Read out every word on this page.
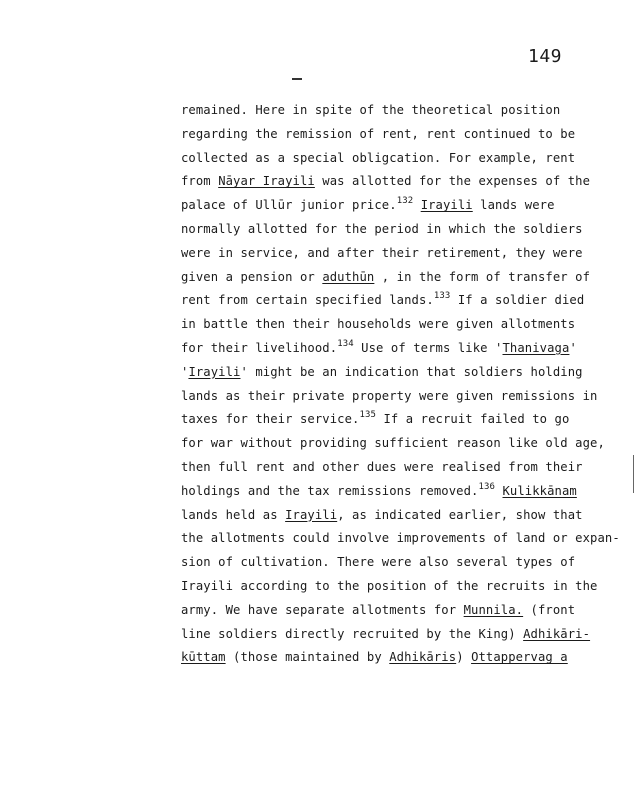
149
remained. Here in spite of the theoretical position
regarding the remission of rent, rent continued to be
collected as a special obligcation. For example, rent
from Nāyar Irayili was allotted for the expenses of the
palace of Ullūr junior price.$^{132}$ Irayili lands were
normally allotted for the period in which the soldiers
were in service, and after their retirement, they were
given a pension or aduthūn , in the form of transfer of
rent from certain specified lands.$^{133}$ If a soldier died
in battle then their households were given allotments
for their livelihood.$^{134}$ Use of terms like 'Thanivaga'
'Irayili' might be an indication that soldiers holding
lands as their private property were given remissions in
taxes for their service.$^{135}$ If a recruit failed to go
for war without providing sufficient reason like old age,
then full rent and other dues were realised from their
holdings and the tax remissions removed.$^{136}$ Kulikkānam
lands held as Irayili, as indicated earlier, show that
the allotments could involve improvements of land or expan-
sion of cultivation. There were also several types of
Irayili according to the position of the recruits in the
army. We have separate allotments for Munnila. (front
line soldiers directly recruited by the King) Adhikāri-
kūttam (those maintained by Adhikāris) Ottappervag a
